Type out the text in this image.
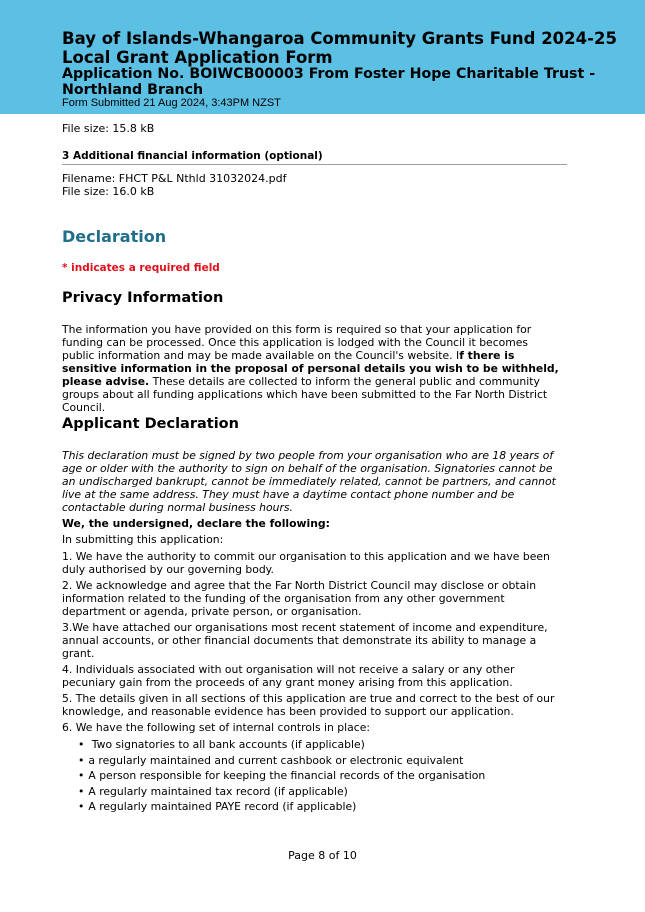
Bay of Islands-Whangaroa Community Grants Fund 2024-25 Local Grant Application Form

Application No. BOIWCB00003 From Foster Hope Charitable Trust - Northland Branch

Form Submitted 21 Aug 2024, 3:43PM NZST
File size: 15.8 kB
3 Additional financial information (optional)
Filename: FHCT P&L Nthld 31032024.pdf
File size: 16.0 kB
Declaration
* indicates a required field
Privacy Information
The information you have provided on this form is required so that your application for funding can be processed. Once this application is lodged with the Council it becomes public information and may be made available on the Council's website. If there is sensitive information in the proposal of personal details you wish to be withheld, please advise. These details are collected to inform the general public and community groups about all funding applications which have been submitted to the Far North District Council.
Applicant Declaration
This declaration must be signed by two people from your organisation who are 18 years of age or older with the authority to sign on behalf of the organisation. Signatories cannot be an undischarged bankrupt, cannot be immediately related, cannot be partners, and cannot live at the same address. They must have a daytime contact phone number and be contactable during normal business hours.
We, the undersigned, declare the following:
In submitting this application:
1. We have the authority to commit our organisation to this application and we have been duly authorised by our governing body.
2. We acknowledge and agree that the Far North District Council may disclose or obtain information related to the funding of the organisation from any other government department or agenda, private person, or organisation.
3.We have attached our organisations most recent statement of income and expenditure, annual accounts, or other financial documents that demonstrate its ability to manage a grant.
4. Individuals associated with out organisation will not receive a salary or any other pecuniary gain from the proceeds of any grant money arising from this application.
5. The details given in all sections of this application are true and correct to the best of our knowledge, and reasonable evidence has been provided to support our application.
6. We have the following set of internal controls in place:
• Two signatories to all bank accounts (if applicable)
• a regularly maintained and current cashbook or electronic equivalent
• A person responsible for keeping the financial records of the organisation
• A regularly maintained tax record (if applicable)
• A regularly maintained PAYE record (if applicable)
Page 8 of 10
